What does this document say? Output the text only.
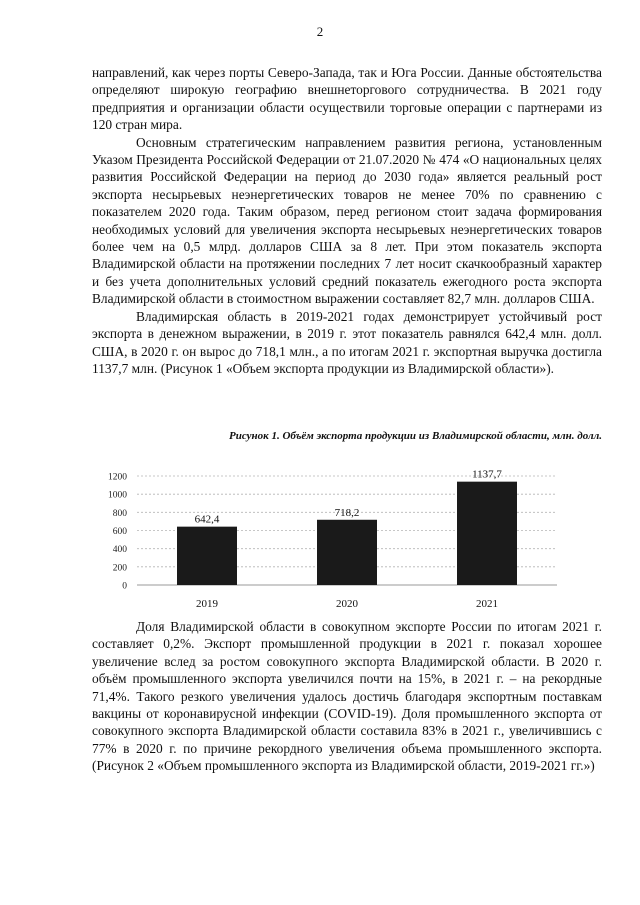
2

направлений, как через порты Северо-Запада, так и Юга России. Данные обстоятельства определяют широкую географию внешнеторгового сотрудничества. В 2021 году предприятия и организации области осуществили торговые операции с партнерами из 120 стран мира.

Основным стратегическим направлением развития региона, установленным Указом Президента Российской Федерации от 21.07.2020 № 474 «О национальных целях развития Российской Федерации на период до 2030 года» является реальный рост экспорта несырьевых неэнергетических товаров не менее 70% по сравнению с показателем 2020 года. Таким образом, перед регионом стоит задача формирования необходимых условий для увеличения экспорта несырьевых неэнергетических товаров более чем на 0,5 млрд. долларов США за 8 лет. При этом показатель экспорта Владимирской области на протяжении последних 7 лет носит скачкообразный характер и без учета дополнительных условий средний показатель ежегодного роста экспорта Владимирской области в стоимостном выражении составляет 82,7 млн. долларов США.

Владимирская область в 2019-2021 годах демонстрирует устойчивый рост экспорта в денежном выражении, в 2019 г. этот показатель равнялся 642,4 млн. долл. США, в 2020 г. он вырос до 718,1 млн., а по итогам 2021 г. экспортная выручка достигла 1137,7 млн. (Рисунок 1 «Объем экспорта продукции из Владимирской области»).

Рисунок 1. Объём экспорта продукции из Владимирской области, млн. долл.
0
200
400
600
800
1000
1200
642,4
2019
718,2
2020
1137,7
2021

Доля Владимирской области в совокупном экспорте России по итогам 2021 г. составляет 0,2%. Экспорт промышленной продукции в 2021 г. показал хорошее увеличение вслед за ростом совокупного экспорта Владимирской области. В 2020 г. объём промышленного экспорта увеличился почти на 15%, в 2021 г. – на рекордные 71,4%. Такого резкого увеличения удалось достичь благодаря экспортным поставкам вакцины от коронавирусной инфекции (COVID-19). Доля промышленного экспорта от совокупного экспорта Владимирской области составила 83% в 2021 г., увеличившись с 77% в 2020 г. по причине рекордного увеличения объема промышленного экспорта. (Рисунок 2 «Объем промышленного экспорта из Владимирской области, 2019-2021 гг.»)
